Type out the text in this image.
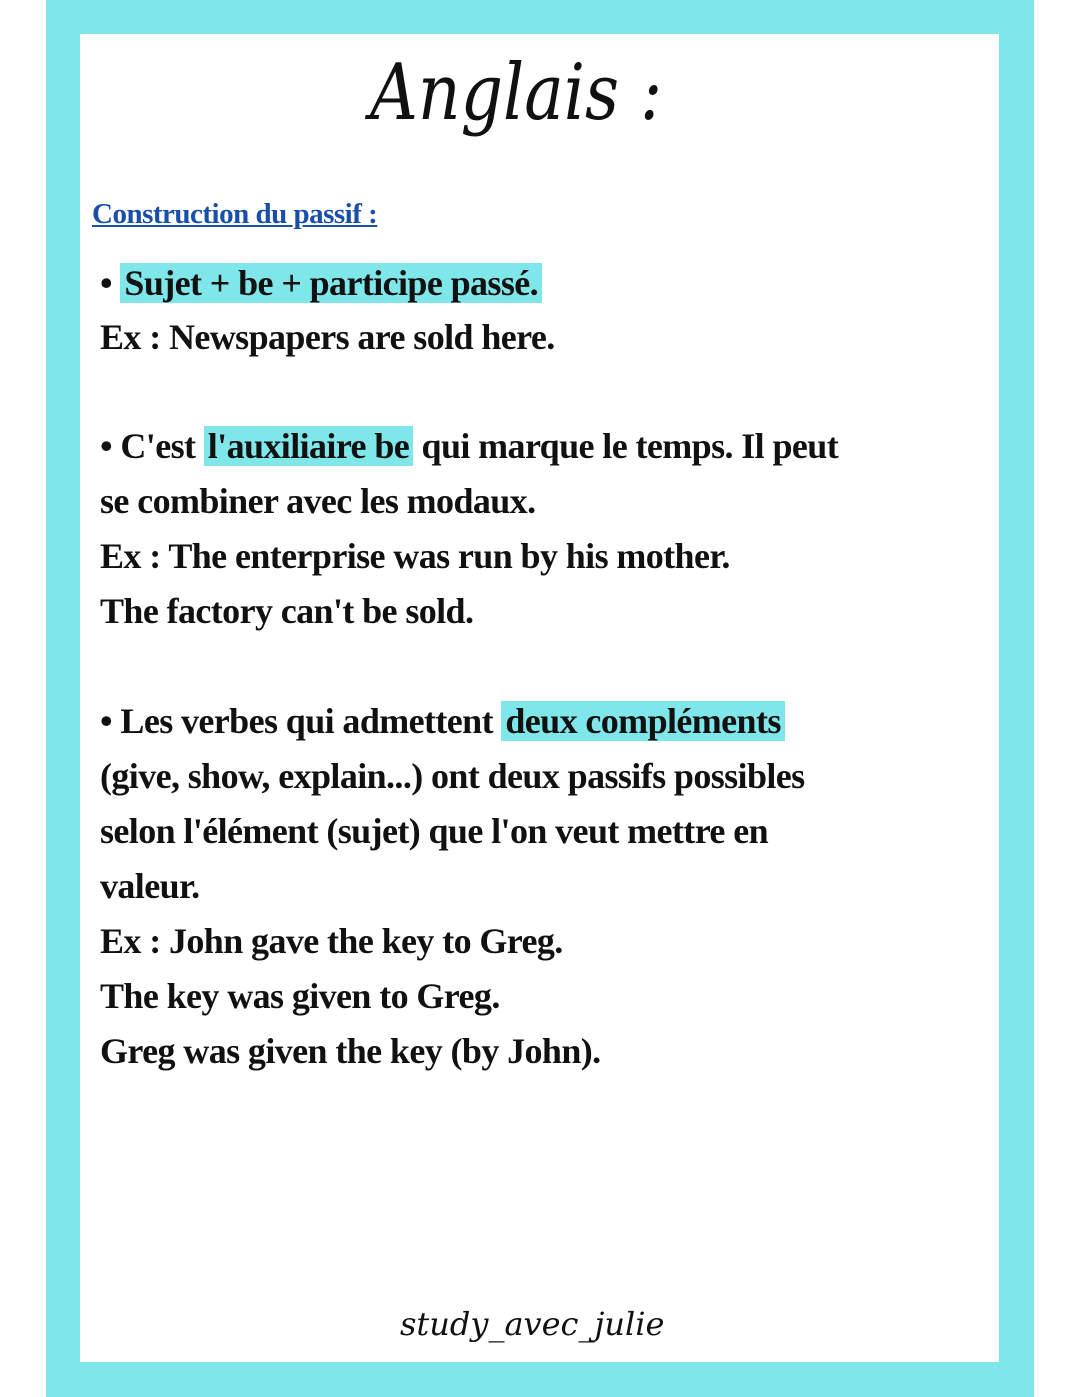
Anglais :
Construction du passif :
• Sujet + be + participe passé.
Ex : Newspapers are sold here.
• C'est l'auxiliaire be qui marque le temps. Il peut
se combiner avec les modaux.
Ex : The enterprise was run by his mother.
The factory can't be sold.
• Les verbes qui admettent deux compléments
(give, show, explain...) ont deux passifs possibles
selon l'élément (sujet) que l'on veut mettre en
valeur.
Ex : John gave the key to Greg.
The key was given to Greg.
Greg was given the key (by John).
study_avec_julie
